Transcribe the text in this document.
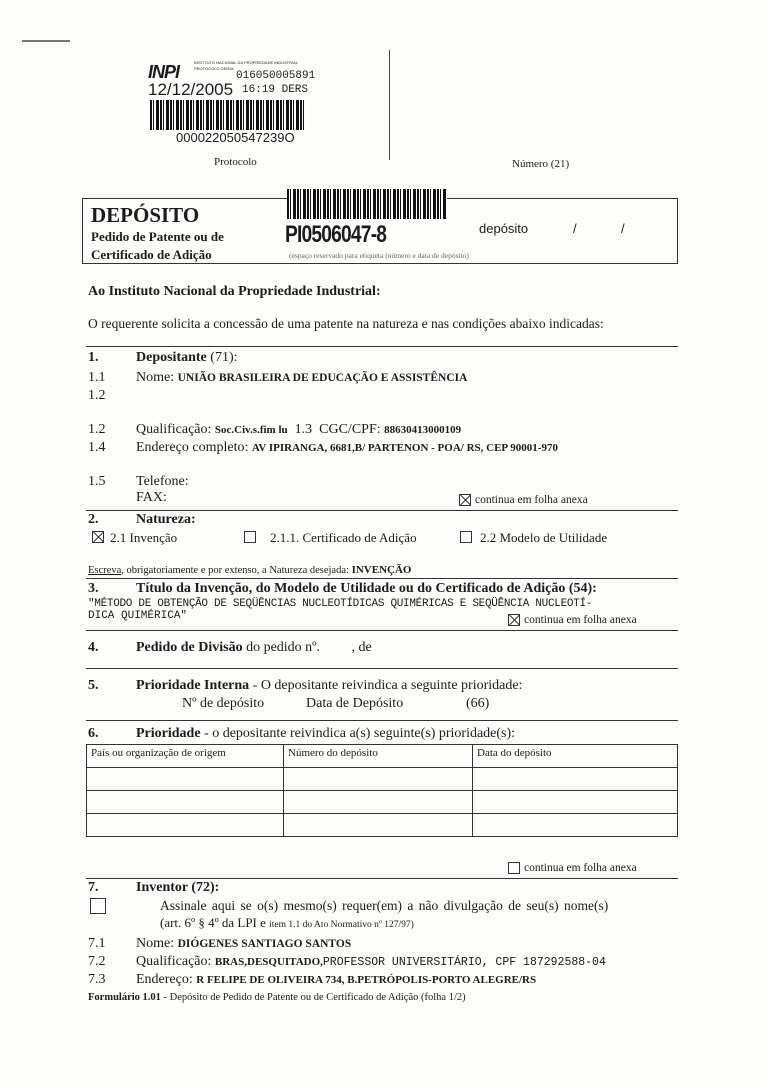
INPI	INSTITUTO NACIONAL DA PROPRIEDADE INDUSTRIAL
PROTOCOLO GERAL
016050005891
12/12/2005 16:19 DERS
000022050547239O
Protocolo	Número (21)
DEPÓSITO
Pedido de Patente ou de
Certificado de Adição
PI0506047-8	depósito	/	/
(espaço reservado para etiqueta (número e data de depósito)
Ao Instituto Nacional da Propriedade Industrial:
O requerente solicita a concessão de uma patente na natureza e nas condições abaixo indicadas:
1.	Depositante (71):
1.1 Nome: UNIÃO BRASILEIRA DE EDUCAÇÃO E ASSISTÊNCIA
1.2
1.2 Qualificação: Soc.Civ.s.fim lu 1.3 CGC/CPF: 88630413000109
1.4 Endereço completo: AV IPIRANGA, 6681,B/ PARTENON - POA/ RS, CEP 90001-970
1.5 Telefone:
FAX:	continua em folha anexa
2.	Natureza:
2.1 Invenção	2.1.1. Certificado de Adição	2.2 Modelo de Utilidade
Escreva, obrigatoriamente e por extenso, a Natureza desejada: INVENÇÃO
3.	Título da Invenção, do Modelo de Utilidade ou do Certificado de Adição (54):
"MÉTODO DE OBTENÇÃO DE SEQÜÊNCIAS NUCLEOTÍDICAS QUIMÉRICAS E SEQÜÊNCIA NUCLEOTÍ-
DICA QUIMÉRICA"	continua em folha anexa
4.	Pedido de Divisão do pedido nº. , de
5.	Prioridade Interna - O depositante reivindica a seguinte prioridade:
Nº de depósito	Data de Depósito	(66)
6.	Prioridade - o depositante reivindica a(s) seguinte(s) prioridade(s):
País ou organização de origem	Número do depósito	Data do depósito

continua em folha anexa
7.	Inventor (72):
Assinale aqui se o(s) mesmo(s) requer(em) a não divulgação de seu(s) nome(s)
(art. 6º § 4º da LPI e item 1.1 do Ato Normativo nº 127/97)
7.1 Nome: DIÓGENES SANTIAGO SANTOS
7.2 Qualificação: BRAS,DESQUITADO,PROFESSOR UNIVERSITÁRIO, CPF 187292588-04
7.3 Endereço: R FELIPE DE OLIVEIRA 734, B.PETRÓPOLIS-PORTO ALEGRE/RS
Formulário 1.01 - Depósito de Pedido de Patente ou de Certificado de Adição (folha 1/2)
